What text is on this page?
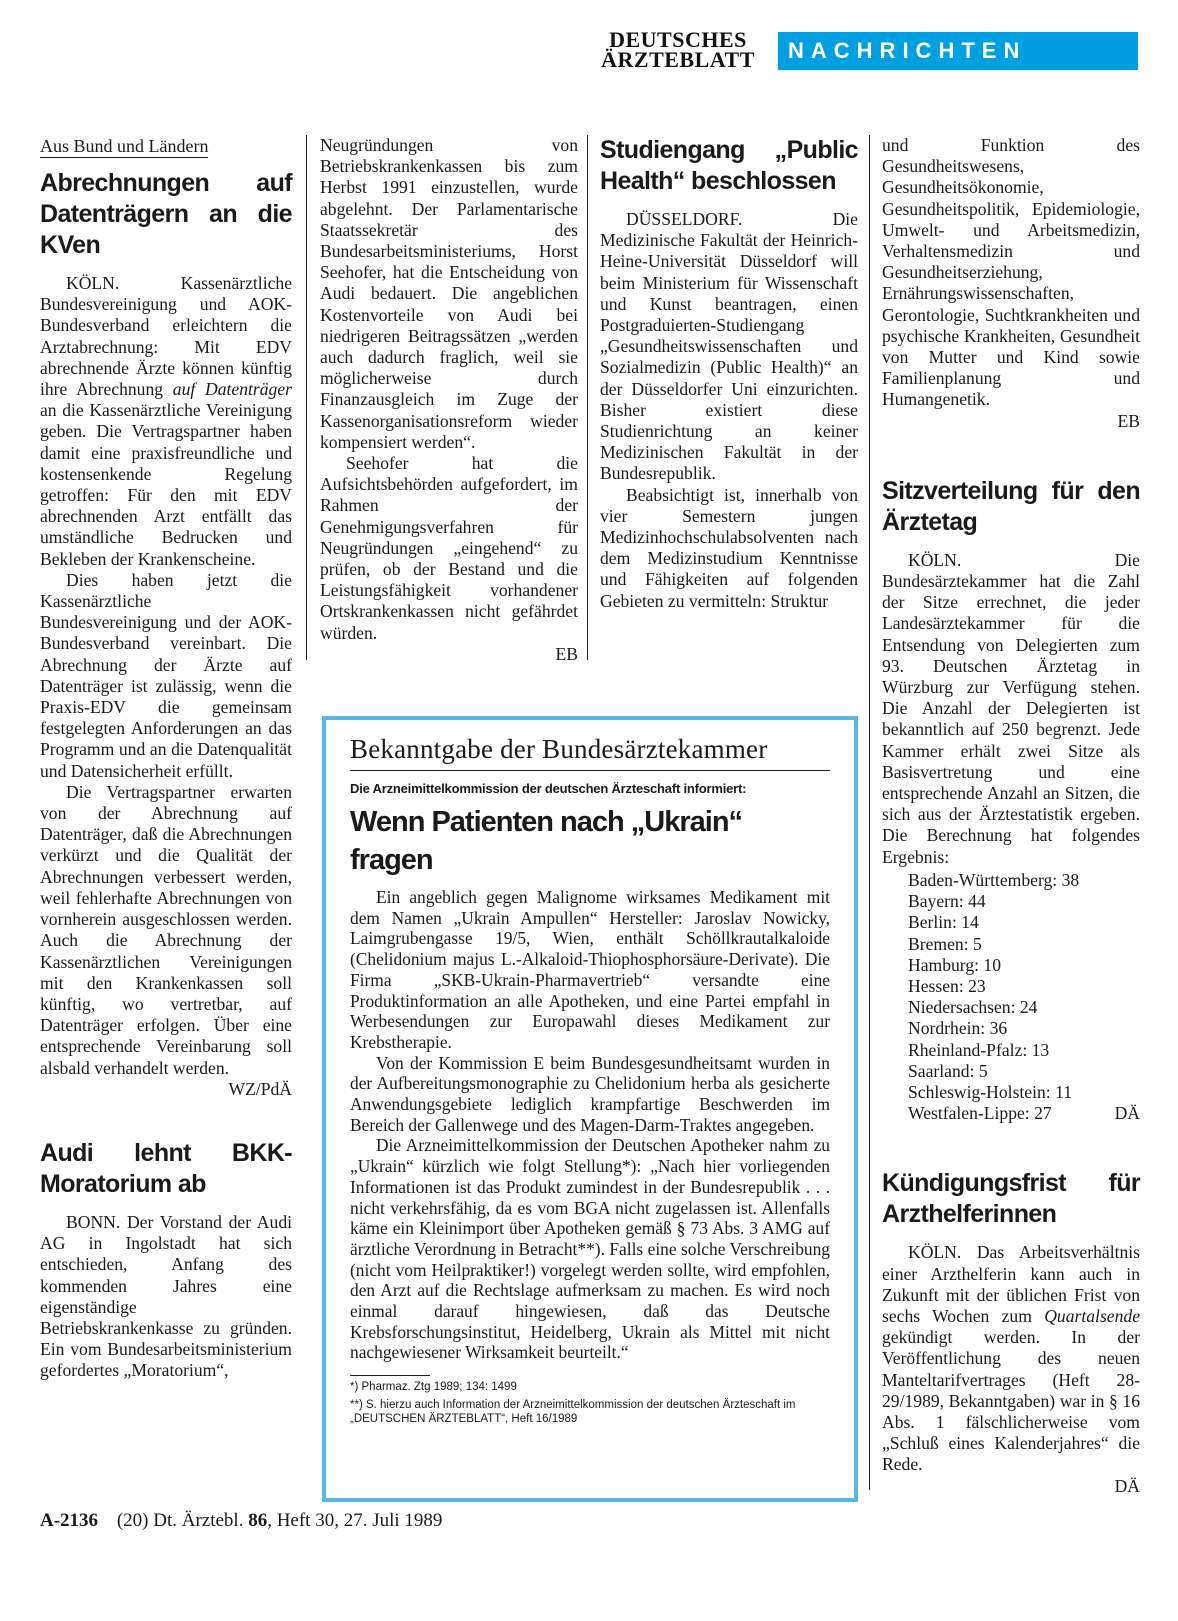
DEUTSCHES
ÄRZTEBLATT	NACHRICHTEN
Aus Bund und Ländern
Abrechnungen auf Datenträgern an die KVen

KÖLN. Kassenärztliche Bundesvereinigung und AOK-Bundesverband erleichtern die Arztabrechnung: Mit EDV abrechnende Ärzte können künftig ihre Abrechnung auf Datenträger an die Kassenärztliche Vereinigung geben. Die Vertragspartner haben damit eine praxisfreundliche und kostensenkende Regelung getroffen: Für den mit EDV abrechnenden Arzt entfällt das umständliche Bedrucken und Bekleben der Krankenscheine.

Dies haben jetzt die Kassenärztliche Bundesvereinigung und der AOK-Bundesverband vereinbart. Die Abrechnung der Ärzte auf Datenträger ist zulässig, wenn die Praxis-EDV die gemeinsam festgelegten Anforderungen an das Programm und an die Datenqualität und Datensicherheit erfüllt.

Die Vertragspartner erwarten von der Abrechnung auf Datenträger, daß die Abrechnungen verkürzt und die Qualität der Abrechnungen verbessert werden, weil fehlerhafte Abrechnungen von vornherein ausgeschlossen werden. Auch die Abrechnung der Kassenärztlichen Vereinigungen mit den Krankenkassen soll künftig, wo vertretbar, auf Datenträger erfolgen. Über eine entsprechende Vereinbarung soll alsbald verhandelt werden.

WZ/PdÄ
Audi lehnt BKK-Moratorium ab

BONN. Der Vorstand der Audi AG in Ingolstadt hat sich entschieden, Anfang des kommenden Jahres eine eigenständige Betriebskrankenkasse zu gründen. Ein vom Bundesarbeitsministerium gefordertes „Moratorium“,

Neugründungen von Betriebskrankenkassen bis zum Herbst 1991 einzustellen, wurde abgelehnt. Der Parlamentarische Staatssekretär des Bundesarbeitsministeriums, Horst Seehofer, hat die Entscheidung von Audi bedauert. Die angeblichen Kostenvorteile von Audi bei niedrigeren Beitragssätzen „werden auch dadurch fraglich, weil sie möglicherweise durch Finanzausgleich im Zuge der Kassenorganisationsreform wieder kompensiert werden“.

Seehofer hat die Aufsichtsbehörden aufgefordert, im Rahmen der Genehmigungsverfahren für Neugründungen „eingehend“ zu prüfen, ob der Bestand und die Leistungsfähigkeit vorhandener Ortskrankenkassen nicht gefährdet würden.

EB
Studiengang „Public Health“ beschlossen

DÜSSELDORF. Die Medizinische Fakultät der Heinrich-Heine-Universität Düsseldorf will beim Ministerium für Wissenschaft und Kunst beantragen, einen Postgraduierten-Studiengang „Gesundheitswissenschaften und Sozialmedizin (Public Health)“ an der Düsseldorfer Uni einzurichten. Bisher existiert diese Studienrichtung an keiner Medizinischen Fakultät in der Bundesrepublik.

Beabsichtigt ist, innerhalb von vier Semestern jungen Medizinhochschulabsolventen nach dem Medizinstudium Kenntnisse und Fähigkeiten auf folgenden Gebieten zu vermitteln: Struktur

und Funktion des Gesundheitswesens, Gesundheitsökonomie, Gesundheitspolitik, Epidemiologie, Umwelt- und Arbeitsmedizin, Verhaltensmedizin und Gesundheitserziehung, Ernährungswissenschaften, Gerontologie, Suchtkrankheiten und psychische Krankheiten, Gesundheit von Mutter und Kind sowie Familienplanung und Humangenetik.

EB
Sitzverteilung für den Ärztetag

KÖLN. Die Bundesärztekammer hat die Zahl der Sitze errechnet, die jeder Landesärztekammer für die Entsendung von Delegierten zum 93. Deutschen Ärztetag in Würzburg zur Verfügung stehen. Die Anzahl der Delegierten ist bekanntlich auf 250 begrenzt. Jede Kammer erhält zwei Sitze als Basisvertretung und eine entsprechende Anzahl an Sitzen, die sich aus der Ärztestatistik ergeben. Die Berechnung hat folgendes Ergebnis:

Baden-Württemberg: 38
Bayern: 44
Berlin: 14
Bremen: 5
Hamburg: 10
Hessen: 23
Niedersachsen: 24
Nordrhein: 36
Rheinland-Pfalz: 13
Saarland: 5
Schleswig-Holstein: 11
Westfalen-Lippe: 27	DÄ
Kündigungsfrist für Arzthelferinnen

KÖLN. Das Arbeitsverhältnis einer Arzthelferin kann auch in Zukunft mit der üblichen Frist von sechs Wochen zum Quartalsende gekündigt werden. In der Veröffentlichung des neuen Manteltarifvertrages (Heft 28-29/1989, Bekanntgaben) war in § 16 Abs. 1 fälschlicherweise vom „Schluß eines Kalenderjahres“ die Rede.

DÄ
Bekanntgabe der Bundesärztekammer
Die Arzneimittelkommission der deutschen Ärzteschaft informiert:
Wenn Patienten nach „Ukrain“ fragen

Ein angeblich gegen Malignome wirksames Medikament mit dem Namen „Ukrain Ampullen“ Hersteller: Jaroslav Nowicky, Laimgrubengasse 19/5, Wien, enthält Schöllkrautalkaloide (Chelidonium majus L.-Alkaloid-Thiophosphorsäure-Derivate). Die Firma „SKB-Ukrain-Pharmavertrieb“ versandte eine Produktinformation an alle Apotheken, und eine Partei empfahl in Werbesendungen zur Europawahl dieses Medikament zur Krebstherapie.

Von der Kommission E beim Bundesgesundheitsamt wurden in der Aufbereitungsmonographie zu Chelidonium herba als gesicherte Anwendungsgebiete lediglich krampfartige Beschwerden im Bereich der Gallenwege und des Magen-Darm-Traktes angegeben.

Die Arzneimittelkommission der Deutschen Apotheker nahm zu „Ukrain“ kürzlich wie folgt Stellung*): „Nach hier vorliegenden Informationen ist das Produkt zumindest in der Bundesrepublik . . . nicht verkehrsfähig, da es vom BGA nicht zugelassen ist. Allenfalls käme ein Kleinimport über Apotheken gemäß § 73 Abs. 3 AMG auf ärztliche Verordnung in Betracht**). Falls eine solche Verschreibung (nicht vom Heilpraktiker!) vorgelegt werden sollte, wird empfohlen, den Arzt auf die Rechtslage aufmerksam zu machen. Es wird noch einmal darauf hingewiesen, daß das Deutsche Krebsforschungsinstitut, Heidelberg, Ukrain als Mittel mit nicht nachgewiesener Wirksamkeit beurteilt.“

*) Pharmaz. Ztg 1989; 134: 1499

**) S. hierzu auch Information der Arzneimittelkommission der deutschen Ärzteschaft im „DEUTSCHEN ÄRZTEBLATT“, Heft 16/1989

A-2136 (20) Dt. Ärztebl. 86, Heft 30, 27. Juli 1989
